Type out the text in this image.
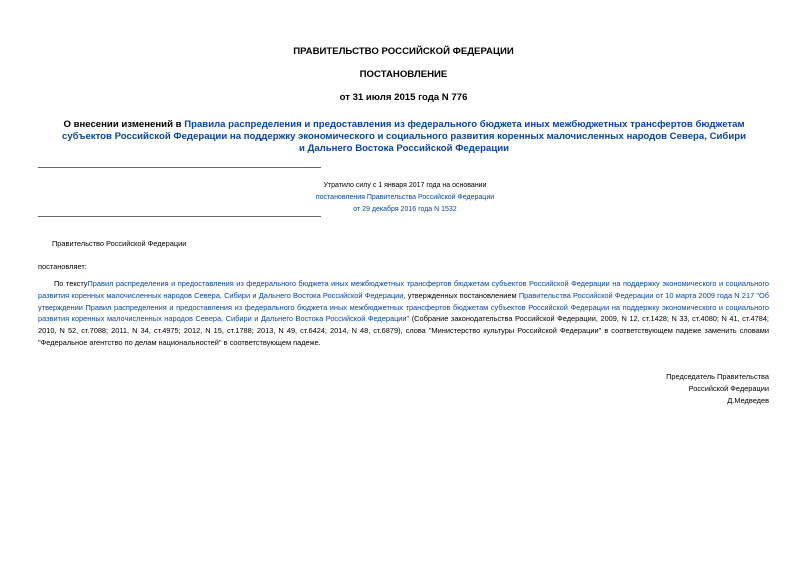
ПРАВИТЕЛЬСТВО РОССИЙСКОЙ ФЕДЕРАЦИИ
ПОСТАНОВЛЕНИЕ
от 31 июля 2015 года N 776
О внесении изменений в Правила распределения и предоставления из федерального бюджета иных межбюджетных трансфертов бюджетам субъектов Российской Федерации на поддержку экономического и социального развития коренных малочисленных народов Севера, Сибири и Дальнего Востока Российской Федерации
Утратило силу с 1 января 2017 года на основании
постановления Правительства Российской Федерации
от 29 декабря 2016 года N 1532
Правительство Российской Федерации
постановляет:
По текстуПравил распределения и предоставления из федерального бюджета иных межбюджетных трансфертов бюджетам субъектов Российской Федерации на поддержку экономического и социального развития коренных малочисленных народов Севера, Сибири и Дальнего Востока Российской Федерации, утвержденных постановлением Правительства Российской Федерации от 10 марта 2009 года N 217 "Об утверждении Правил распределения и предоставления из федерального бюджета иных межбюджетных трансфертов бюджетам субъектов Российской Федерации на поддержку экономического и социального развития коренных малочисленных народов Севера, Сибири и Дальнего Востока Российской Федерации" (Собрание законодательства Российской Федерации, 2009, N 12, ст.1428; N 33, ст.4080; N 41, ст.4784; 2010, N 52, ст.7088; 2011, N 34, ст.4975; 2012, N 15, ст.1788; 2013, N 49, ст.6424; 2014, N 48, ст.6879), слова "Министерство культуры Российской Федерации" в соответствующем падеже заменить словами "Федеральное агентство по делам национальностей" в соответствующем падеже.
Председатель Правительства
Российской Федерации
Д.Медведев
